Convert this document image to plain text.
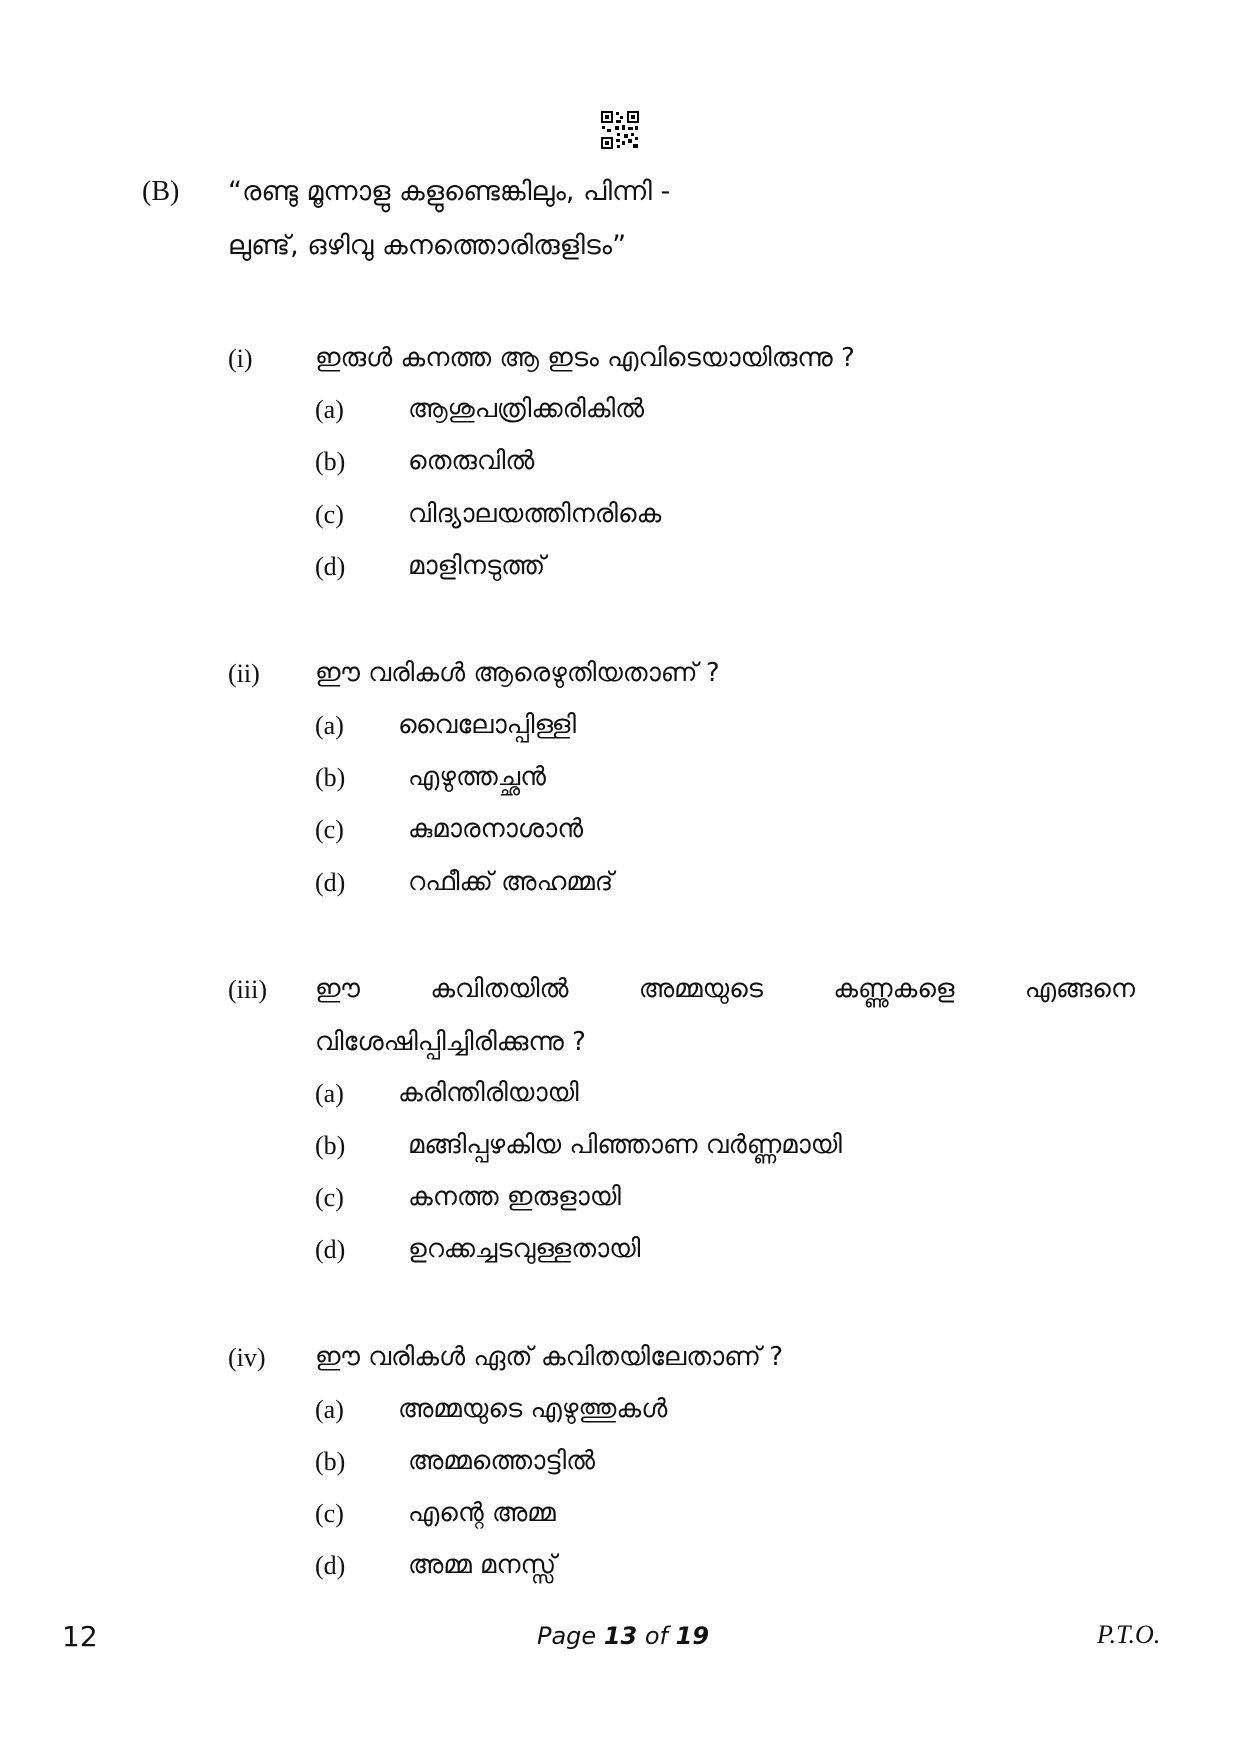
(B) “രണ്ടു മൂന്നാളു കളുണ്ടെങ്കിലും, പിന്നി -
ലുണ്ട്, ഒഴിവു കനത്തൊരിരുളിടം”
(i) ഇരുൾ കനത്ത ആ ഇടം എവിടെയായിരുന്നു ?
(a) ആശുപത്രിക്കരികിൽ
(b) തെരുവിൽ
(c) വിദ്യാലയത്തിനരികെ
(d) മാളിനടുത്ത്
(ii) ഈ വരികൾ ആരെഴുതിയതാണ് ?
(a) വൈലോപ്പിള്ളി
(b) എഴുത്തച്ഛൻ
(c) കുമാരനാശാൻ
(d) റഫീക്ക് അഹമ്മദ്
(iii) ഈ കവിതയിൽ അമ്മയുടെ കണ്ണുകളെ എങ്ങനെ
വിശേഷിപ്പിച്ചിരിക്കുന്നു ?
(a) കരിന്തിരിയായി
(b) മങ്ങിപ്പഴകിയ പിഞ്ഞാണ വർണ്ണമായി
(c) കനത്ത ഇരുളായി
(d) ഉറക്കച്ചടവുള്ളതായി
(iv) ഈ വരികൾ ഏത് കവിതയിലേതാണ് ?
(a) അമ്മയുടെ എഴുത്തുകൾ
(b) അമ്മത്തൊട്ടിൽ
(c) എന്റെ അമ്മ
(d) അമ്മ മനസ്സ്
12	Page 13 of 19	P.T.O.
